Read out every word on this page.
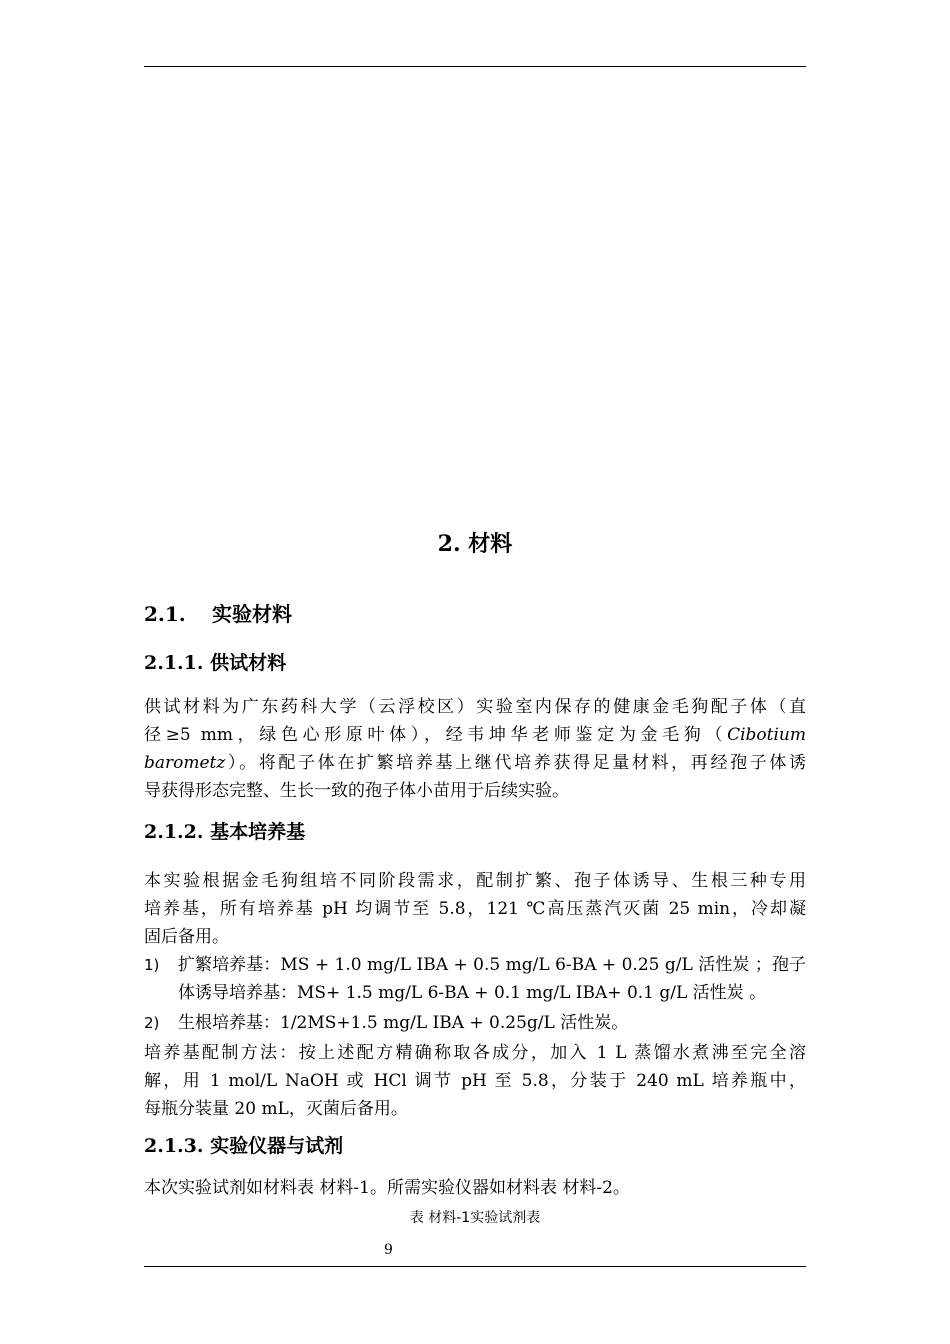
2. 材料
2.1. 实验材料
2.1.1. 供试材料
供试材料为广东药科大学（云浮校区）实验室内保存的健康金毛狗配子体（直
径≥5 mm，绿色心形原叶体），经韦坤华老师鉴定为金毛狗（Cibotium
barometz）。将配子体在扩繁培养基上继代培养获得足量材料，再经孢子体诱
导获得形态完整、生长一致的孢子体小苗用于后续实验。
2.1.2. 基本培养基
本实验根据金毛狗组培不同阶段需求，配制扩繁、孢子体诱导、生根三种专用
培养基，所有培养基 pH 均调节至 5.8，121 ℃高压蒸汽灭菌 25 min，冷却凝
固后备用。
1) 扩繁培养基：MS + 1.0 mg/L IBA + 0.5 mg/L 6-BA + 0.25 g/L 活性炭 ；孢子
体诱导培养基：MS+ 1.5 mg/L 6-BA + 0.1 mg/L IBA+ 0.1 g/L 活性炭 。
2) 生根培养基：1/2MS+1.5 mg/L IBA + 0.25g/L 活性炭。
培养基配制方法：按上述配方精确称取各成分，加入 1 L 蒸馏水煮沸至完全溶
解，用 1 mol/L NaOH 或 HCl 调节 pH 至 5.8，分装于 240 mL 培养瓶中，
每瓶分装量 20 mL，灭菌后备用。
2.1.3. 实验仪器与试剂
本次实验试剂如材料表 材料-1。所需实验仪器如材料表 材料-2。
表 材料-1实验试剂表
9
